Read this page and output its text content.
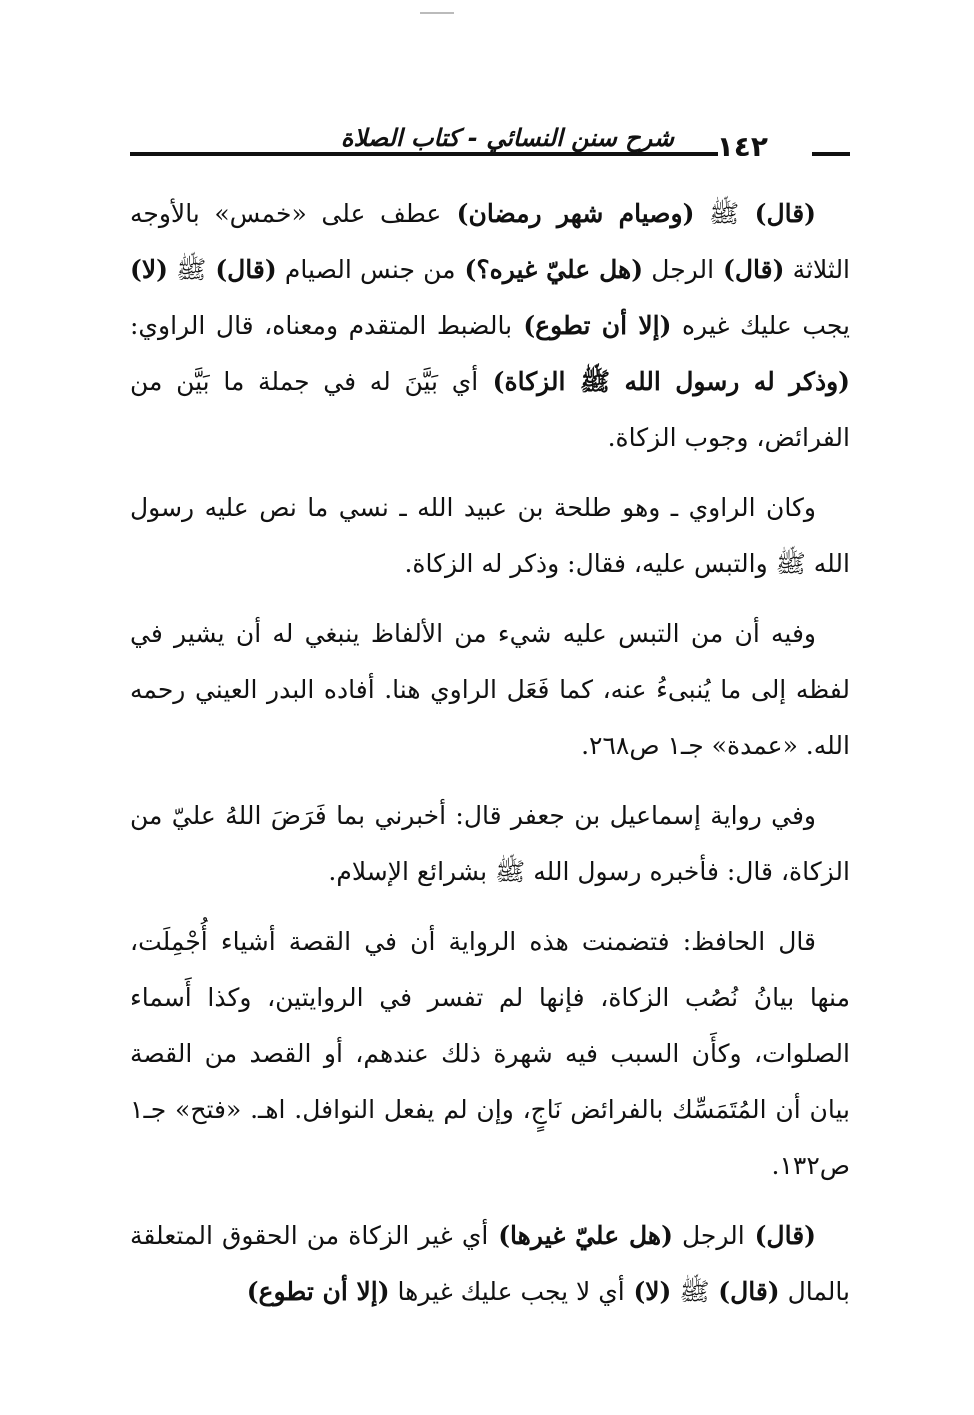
١٤٢
شرح سنن النسائي - كتاب الصلاة

(قال) ﷺ (وصيام شهر رمضان) عطف على «خمس» بالأوجه الثلاثة (قال) الرجل (هل عليّ غيره؟) من جنس الصيام (قال) ﷺ (لا) يجب عليك غيره (إلا أن تطوع) بالضبط المتقدم ومعناه، قال الراوي: (وذكر له رسول الله ﷺ الزكاة) أي بَيَّنَ له في جملة ما بَيَّن من الفرائض، وجوب الزكاة.

وكان الراوي ـ وهو طلحة بن عبيد الله ـ نسي ما نص عليه رسول الله ﷺ والتبس عليه، فقال: وذكر له الزكاة.

وفيه أن من التبس عليه شيء من الألفاظ ينبغي له أن يشير في لفظه إلى ما يُنبىءُ عنه، كما فَعَل الراوي هنا. أفاده البدر العيني رحمه الله. «عمدة» جـ١ ص٢٦٨.

وفي رواية إسماعيل بن جعفر قال: أخبرني بما فَرَضَ اللهُ عليّ من الزكاة، قال: فأخبره رسول الله ﷺ بشرائع الإسلام.

قال الحافظ: فتضمنت هذه الرواية أن في القصة أشياء أُجْمِلَت، منها بيانُ نُصُب الزكاة، فإنها لم تفسر في الروايتين، وكذا أَسماء الصلوات، وكأَن السبب فيه شهرة ذلك عندهم، أو القصد من القصة بيان أن المُتَمَسِّك بالفرائض نَاجٍ، وإن لم يفعل النوافل. اهـ. «فتح» جـ١ ص١٣٢.

(قال) الرجل (هل عليّ غيرها) أي غير الزكاة من الحقوق المتعلقة بالمال (قال) ﷺ (لا) أي لا يجب عليك غيرها (إلا أن تطوع)
